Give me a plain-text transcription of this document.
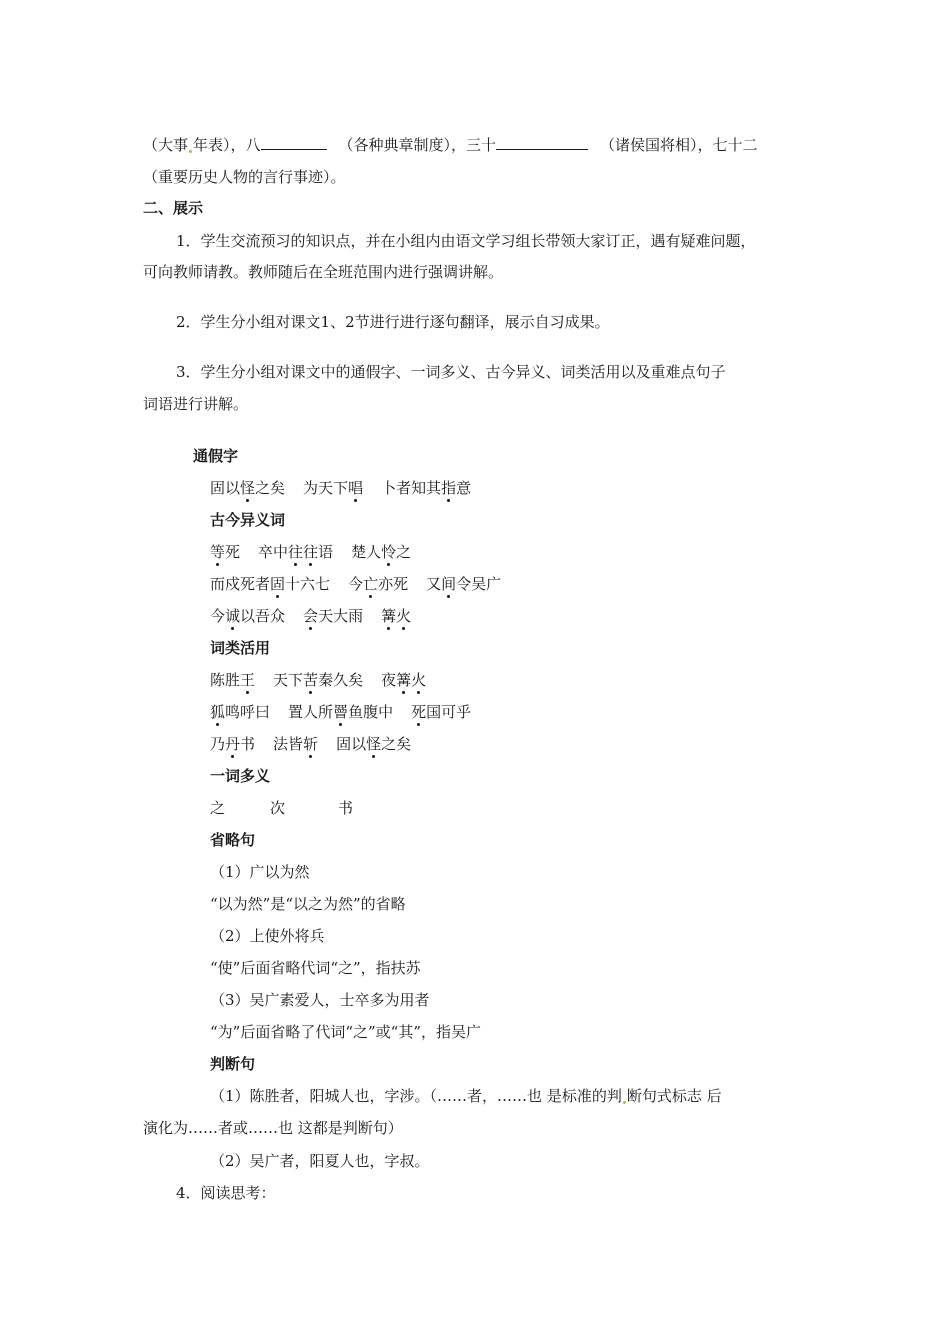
（大事 年表），八	（各种典章制度），三十	（诸侯国将相），七十二
（重要历史人物的言行事迹）。
二、展示
1．学生交流预习的知识点，并在小组内由语文学习组长带领大家订正，遇有疑难问题，
可向教师请教。教师随后在全班范围内进行强调讲解。
2．学生分小组对课文1、2节进行进行逐句翻译，展示自习成果。
3．学生分小组对课文中的通假字、一词多义、古今异义、词类活用以及重难点句子
词语进行讲解。
通假字
固以怪之矣 为天下唱 卜者知其指意
古今异义词
等死 卒中往往语 楚人怜之
而戍死者固十六七 今亡亦死 又间令吴广
今诚以吾众 会天大雨 篝火
词类活用
陈胜王 天下苦秦久矣 夜篝火
狐鸣呼曰 置人所罾鱼腹中 死国可乎
乃丹书 法皆斩 固以怪之矣
一词多义
之	次	书
省略句
（1）广以为然
“以为然”是“以之为然”的省略
（2）上使外将兵
“使”后面省略代词“之”，指扶苏
（3）吴广素爱人，士卒多为用者
“为”后面省略了代词“之”或“其”，指吴广
判断句
（1）陈胜者，阳城人也，字涉。（……者，……也 是标准的判 断句式标志 后
演化为……者或……也 这都是判断句）
（2）吴广者，阳夏人也，字叔。
4．阅读思考：
